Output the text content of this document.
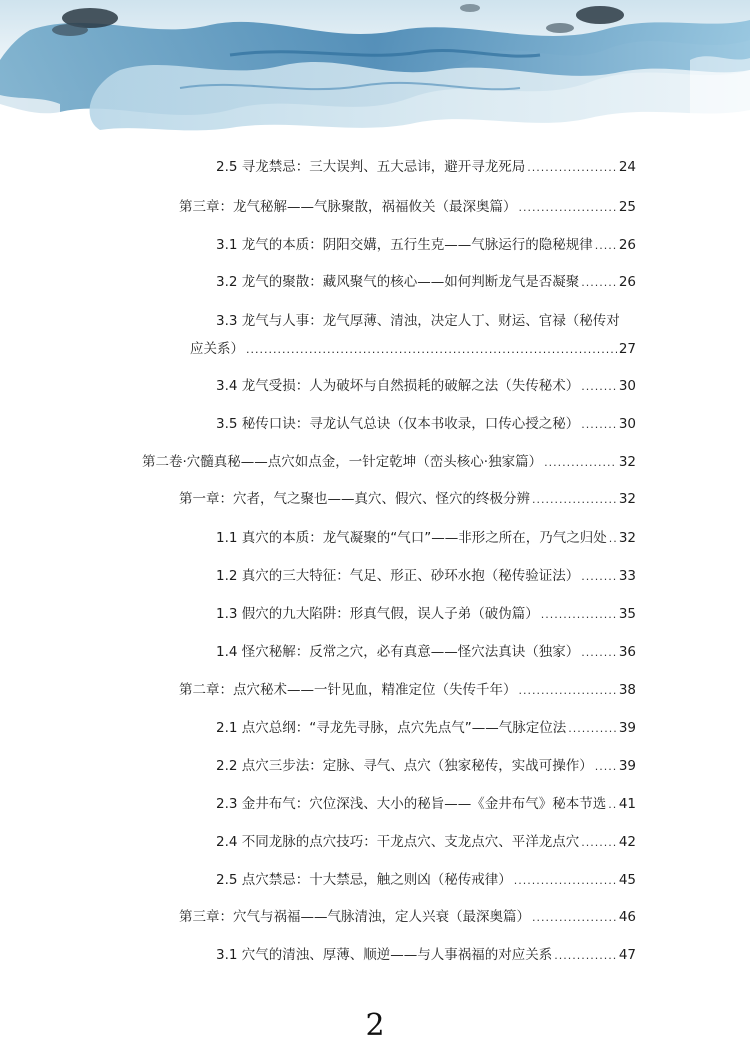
2.5 寻龙禁忌：三大误判、五大忌讳，避开寻龙死局 .....	24
第三章：龙气秘解——气脉聚散，祸福攸关（最深奥篇） .....	25
3.1 龙气的本质：阴阳交媾，五行生克——气脉运行的隐秘规律 ..... 26
3.2 龙气的聚散：藏风聚气的核心——如何判断龙气是否凝聚 .....	26
3.3 龙气与人事：龙气厚薄、清浊，决定人丁、财运、官禄（秘传对
应关系） .....	27
3.4 龙气受损：人为破坏与自然损耗的破解之法（失传秘术） .....	30
3.5 秘传口诀：寻龙认气总诀（仅本书收录，口传心授之秘） .....	30
第二卷·穴髓真秘——点穴如点金，一针定乾坤（峦头核心·独家篇） .....	32
第一章：穴者，气之聚也——真穴、假穴、怪穴的终极分辨 .....	32
1.1 真穴的本质：龙气凝聚的“气口”——非形之所在，乃气之归处 ..... 32
1.2 真穴的三大特征：气足、形正、砂环水抱（秘传验证法） .....	33
1.3 假穴的九大陷阱：形真气假，误人子弟（破伪篇） .....	35
1.4 怪穴秘解：反常之穴，必有真意——怪穴法真诀（独家） .....	36
第二章：点穴秘术——一针见血，精准定位（失传千年） .....	38
2.1 点穴总纲：“寻龙先寻脉，点穴先点气”——气脉定位法 .....	39
2.2 点穴三步法：定脉、寻气、点穴（独家秘传，实战可操作） ..... 39
2.3 金井布气：穴位深浅、大小的秘旨——《金井布气》秘本节选 ..... 41
2.4 不同龙脉的点穴技巧：干龙点穴、支龙点穴、平洋龙点穴 .....	42
2.5 点穴禁忌：十大禁忌，触之则凶（秘传戒律） .....	45
第三章：穴气与祸福——气脉清浊，定人兴衰（最深奥篇） .....	46
3.1 穴气的清浊、厚薄、顺逆——与人事祸福的对应关系 .....	47
2
